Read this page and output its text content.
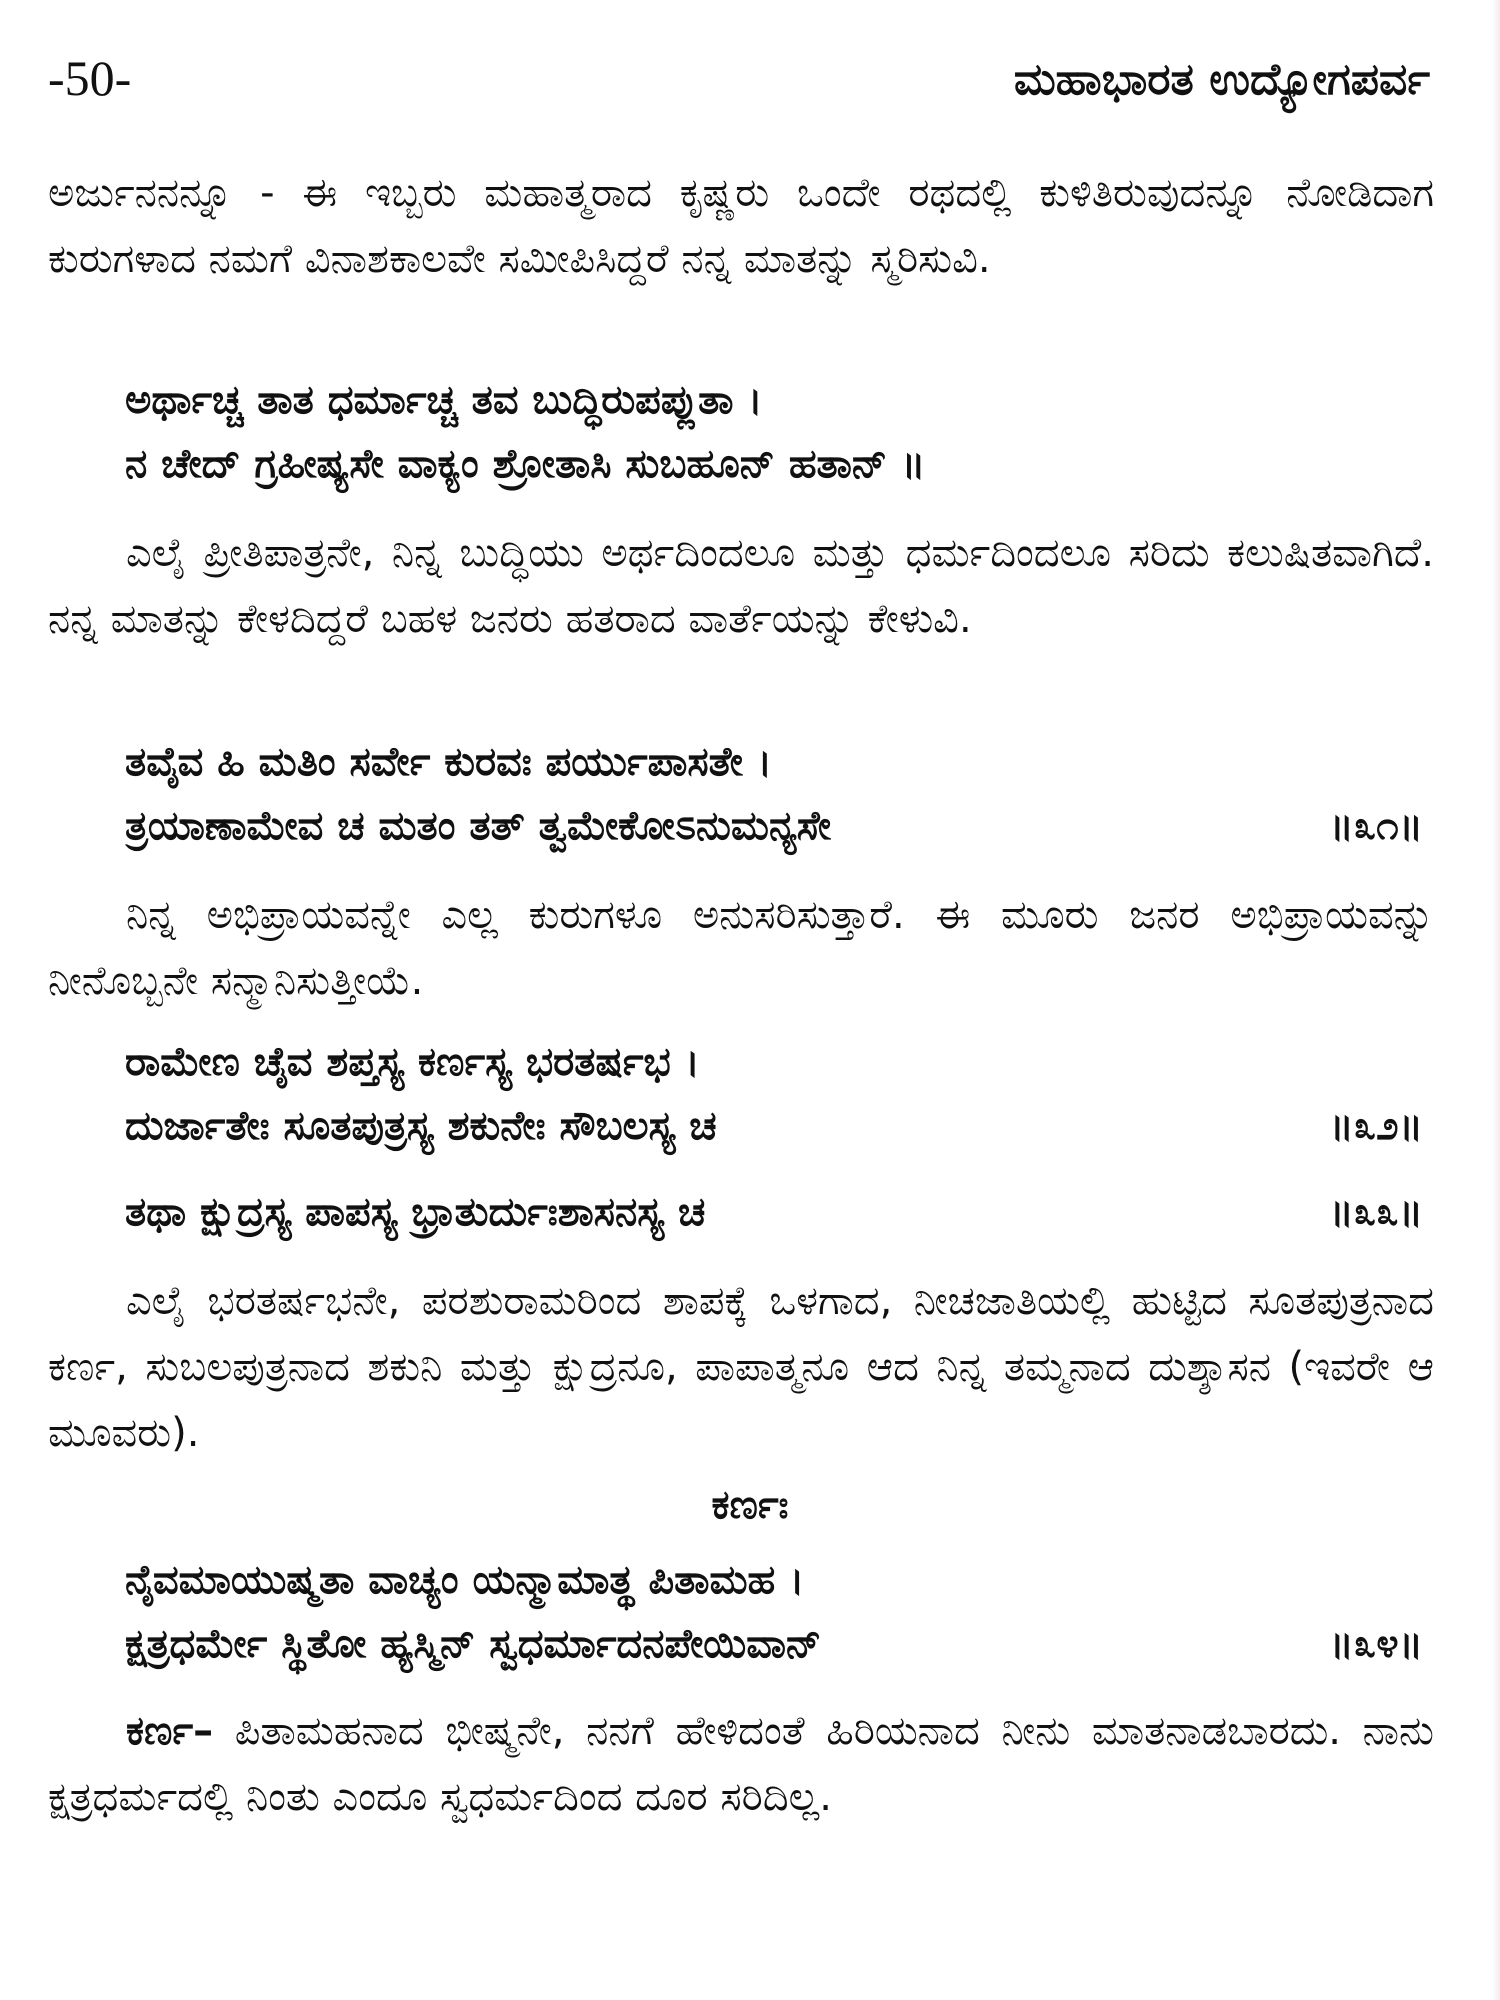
-50-	ಮಹಾಭಾರತ ಉದ್ಯೋಗಪರ್ವ

ಅರ್ಜುನನನ್ನೂ - ಈ ಇಬ್ಬರು ಮಹಾತ್ಮರಾದ ಕೃಷ್ಣರು ಒಂದೇ ರಥದಲ್ಲಿ ಕುಳಿತಿರುವುದನ್ನೂ ನೋಡಿದಾಗ ಕುರುಗಳಾದ ನಮಗೆ ವಿನಾಶಕಾಲವೇ ಸಮೀಪಿಸಿದ್ದರೆ ನನ್ನ ಮಾತನ್ನು ಸ್ಮರಿಸುವಿ.

ಅರ್ಥಾಚ್ಚ ತಾತ ಧರ್ಮಾಚ್ಚ ತವ ಬುದ್ಧಿರುಪಪ್ಲುತಾ ।
ನ ಚೇದ್ ಗ್ರಹೀಷ್ಯಸೇ ವಾಕ್ಯಂ ಶ್ರೋತಾಸಿ ಸುಬಹೂನ್ ಹತಾನ್ ॥

ಎಲೈ ಪ್ರೀತಿಪಾತ್ರನೇ, ನಿನ್ನ ಬುದ್ಧಿಯು ಅರ್ಥದಿಂದಲೂ ಮತ್ತು ಧರ್ಮದಿಂದಲೂ ಸರಿದು ಕಲುಷಿತವಾಗಿದೆ. ನನ್ನ ಮಾತನ್ನು ಕೇಳದಿದ್ದರೆ ಬಹಳ ಜನರು ಹತರಾದ ವಾರ್ತೆಯನ್ನು ಕೇಳುವಿ.

ತವೈವ ಹಿ ಮತಿಂ ಸರ್ವೇ ಕುರವಃ ಪರ್ಯುಪಾಸತೇ ।
ತ್ರಯಾಣಾಮೇವ ಚ ಮತಂ ತತ್ ತ್ವಮೇಕೋಽನುಮನ್ಯಸೇ	॥೩೧॥

ನಿನ್ನ ಅಭಿಪ್ರಾಯವನ್ನೇ ಎಲ್ಲ ಕುರುಗಳೂ ಅನುಸರಿಸುತ್ತಾರೆ. ಈ ಮೂರು ಜನರ ಅಭಿಪ್ರಾಯವನ್ನು ನೀನೊಬ್ಬನೇ ಸನ್ಮಾನಿಸುತ್ತೀಯೆ.

ರಾಮೇಣ ಚೈವ ಶಪ್ತಸ್ಯ ಕರ್ಣಸ್ಯ ಭರತರ್ಷಭ ।
ದುರ್ಜಾತೇಃ ಸೂತಪುತ್ರಸ್ಯ ಶಕುನೇಃ ಸೌಬಲಸ್ಯ ಚ	॥೩೨॥
ತಥಾ ಕ್ಷುದ್ರಸ್ಯ ಪಾಪಸ್ಯ ಭ್ರಾತುರ್ದುಃಶಾಸನಸ್ಯ ಚ	॥೩೩॥

ಎಲೈ ಭರತರ್ಷಭನೇ, ಪರಶುರಾಮರಿಂದ ಶಾಪಕ್ಕೆ ಒಳಗಾದ, ನೀಚಜಾತಿಯಲ್ಲಿ ಹುಟ್ಟಿದ ಸೂತಪುತ್ರನಾದ ಕರ್ಣ, ಸುಬಲಪುತ್ರನಾದ ಶಕುನಿ ಮತ್ತು ಕ್ಷುದ್ರನೂ, ಪಾಪಾತ್ಮನೂ ಆದ ನಿನ್ನ ತಮ್ಮನಾದ ದುಶ್ಶಾಸನ (ಇವರೇ ಆ ಮೂವರು).

ಕರ್ಣಃ
ನೈವಮಾಯುಷ್ಮತಾ ವಾಚ್ಯಂ ಯನ್ಮಾಮಾತ್ಥ ಪಿತಾಮಹ ।
ಕ್ಷತ್ರಧರ್ಮೇ ಸ್ಥಿತೋ ಹ್ಯಸ್ಮಿನ್ ಸ್ವಧರ್ಮಾದನಪೇಯಿವಾನ್	॥೩೪॥

ಕರ್ಣ– ಪಿತಾಮಹನಾದ ಭೀಷ್ಮನೇ, ನನಗೆ ಹೇಳಿದಂತೆ ಹಿರಿಯನಾದ ನೀನು ಮಾತನಾಡಬಾರದು. ನಾನು ಕ್ಷತ್ರಧರ್ಮದಲ್ಲಿ ನಿಂತು ಎಂದೂ ಸ್ವಧರ್ಮದಿಂದ ದೂರ ಸರಿದಿಲ್ಲ.
